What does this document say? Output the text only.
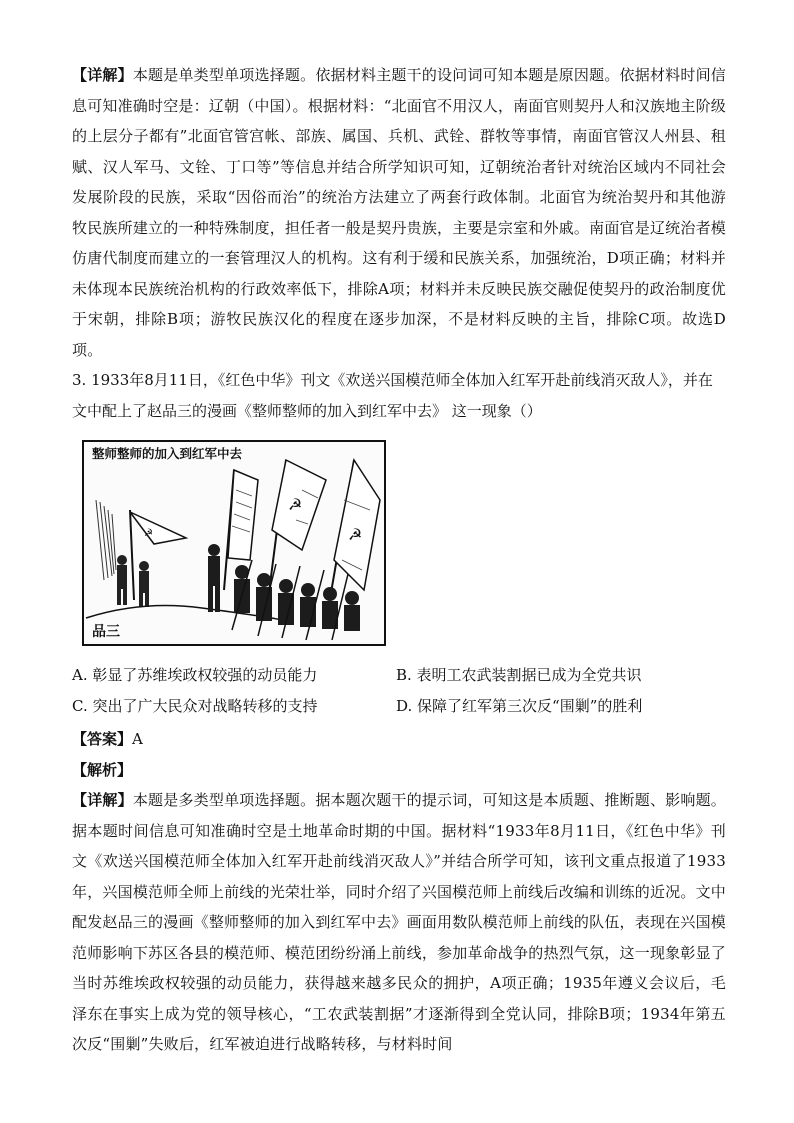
【详解】本题是单类型单项选择题。依据材料主题干的设问词可知本题是原因题。依据材料时间信息可知准确时空是：辽朝（中国）。根据材料：“北面官不用汉人，南面官则契丹人和汉族地主阶级的上层分子都有”北面官管宫帐、部族、属国、兵机、武铨、群牧等事情，南面官管汉人州县、租赋、汉人军马、文铨、丁口等”等信息并结合所学知识可知，辽朝统治者针对统治区域内不同社会发展阶段的民族，采取“因俗而治”的统治方法建立了两套行政体制。北面官为统治契丹和其他游牧民族所建立的一种特殊制度，担任者一般是契丹贵族，主要是宗室和外戚。南面官是辽统治者模仿唐代制度而建立的一套管理汉人的机构。这有利于缓和民族关系，加强统治，D项正确；材料并未体现本民族统治机构的行政效率低下，排除A项；材料并未反映民族交融促使契丹的政治制度优于宋朝，排除B项；游牧民族汉化的程度在逐步加深，不是材料反映的主旨，排除C项。故选D项。

3. 1933年8月11日，《红色中华》刊文《欢送兴国模范师全体加入红军开赴前线消灭敌人》，并在文中配上了赵品三的漫画《整师整师的加入到红军中去》 这一现象（）

整师整师的加入到红军中去
☭
☭
☭
品三
A. 彰显了苏维埃政权较强的动员能力	B. 表明工农武装割据已成为全党共识
C. 突出了广大民众对战略转移的支持	D. 保障了红军第三次反“围剿”的胜利

【答案】A

【解析】

【详解】本题是多类型单项选择题。据本题次题干的提示词，可知这是本质题、推断题、影响题。据本题时间信息可知准确时空是土地革命时期的中国。据材料“1933年8月11日，《红色中华》刊文《欢送兴国模范师全体加入红军开赴前线消灭敌人》”并结合所学可知，该刊文重点报道了1933年，兴国模范师全师上前线的光荣壮举，同时介绍了兴国模范师上前线后改编和训练的近况。文中配发赵品三的漫画《整师整师的加入到红军中去》画面用数队模范师上前线的队伍，表现在兴国模范师影响下苏区各县的模范师、模范团纷纷涌上前线，参加革命战争的热烈气氛，这一现象彰显了当时苏维埃政权较强的动员能力，获得越来越多民众的拥护，A项正确；1935年遵义会议后，毛泽东在事实上成为党的领导核心，“工农武装割据”才逐渐得到全党认同，排除B项；1934年第五次反“围剿”失败后，红军被迫进行战略转移，与材料时间
